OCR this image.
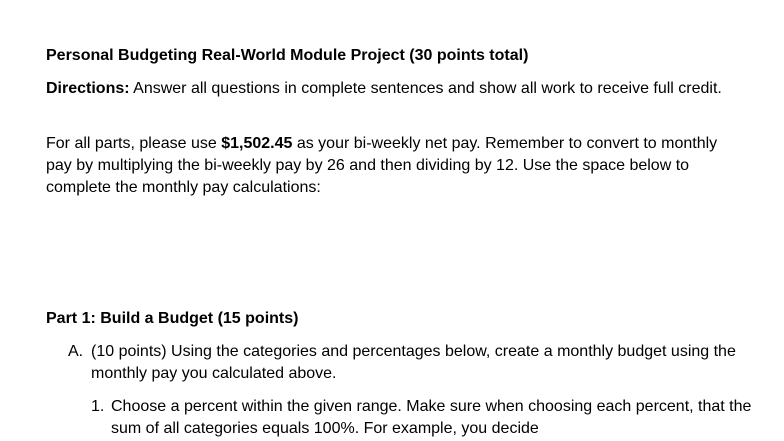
Personal Budgeting Real-World Module Project (30 points total)
Directions: Answer all questions in complete sentences and show all work to receive full credit.
For all parts, please use $1,502.45 as your bi-weekly net pay. Remember to convert to monthly pay by multiplying the bi-weekly pay by 26 and then dividing by 12. Use the space below to complete the monthly pay calculations:
Part 1: Build a Budget (15 points)
A. (10 points) Using the categories and percentages below, create a monthly budget using the monthly pay you calculated above.
1. Choose a percent within the given range. Make sure when choosing each percent, that the sum of all categories equals 100%. For example, you decide
